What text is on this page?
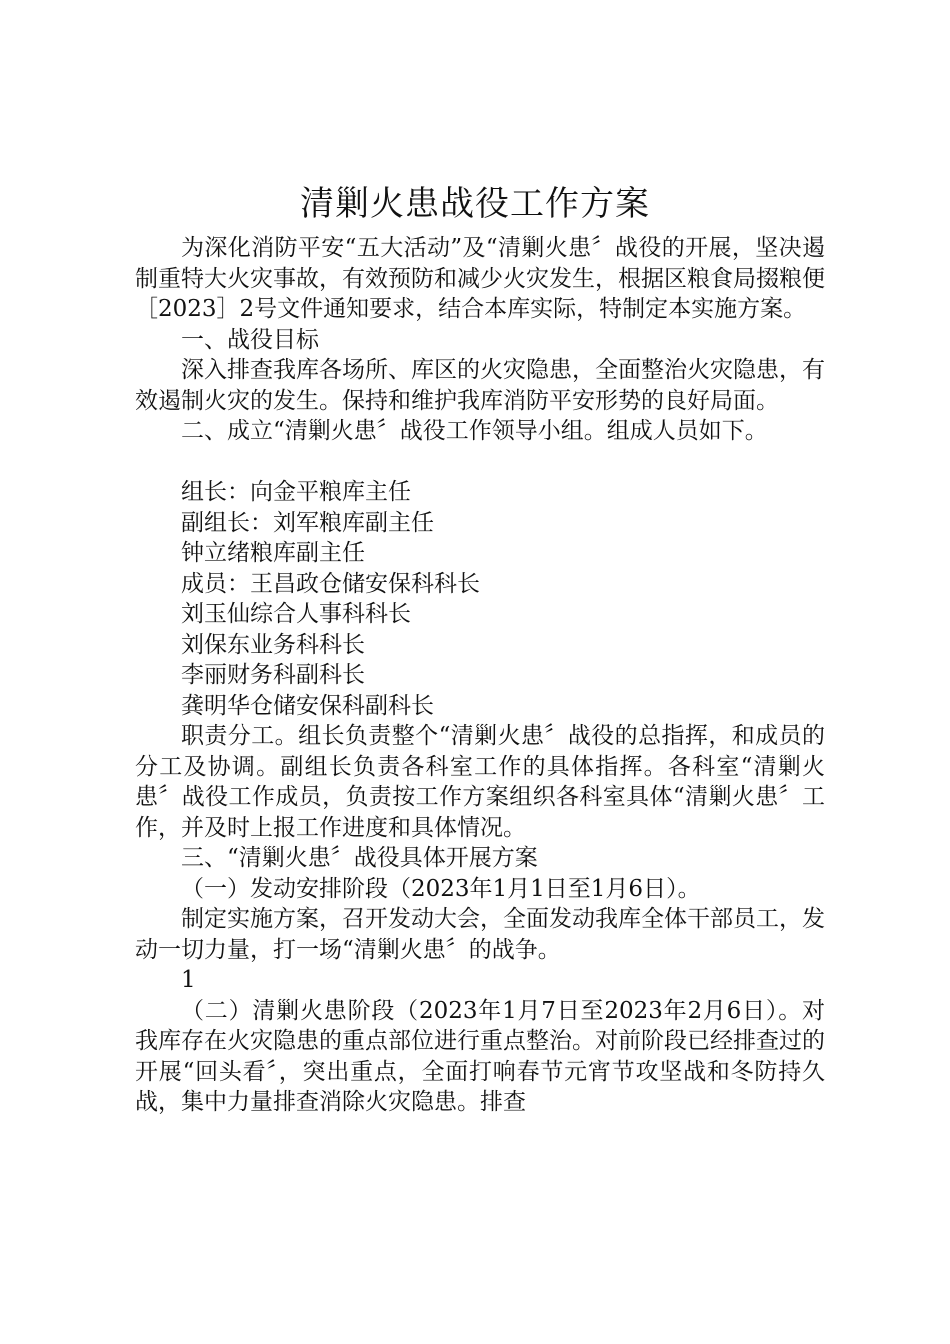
清剿火患战役工作方案

为深化消防平安“五大活动”及“清剿火患〞战役的开展，坚决遏制重特大火灾事故，有效预防和减少火灾发生，根据区粮食局掇粮便［2023］2号文件通知要求，结合本库实际，特制定本实施方案。

一、战役目标

深入排查我库各场所、库区的火灾隐患，全面整治火灾隐患，有效遏制火灾的发生。保持和维护我库消防平安形势的良好局面。

二、成立“清剿火患〞战役工作领导小组。组成人员如下。

组长：向金平粮库主任

副组长：刘军粮库副主任

钟立绪粮库副主任

成员：王昌政仓储安保科科长

刘玉仙综合人事科科长

刘保东业务科科长

李丽财务科副科长

龚明华仓储安保科副科长

职责分工。组长负责整个“清剿火患〞战役的总指挥，和成员的分工及协调。副组长负责各科室工作的具体指挥。各科室“清剿火患〞战役工作成员，负责按工作方案组织各科室具体“清剿火患〞工作，并及时上报工作进度和具体情况。

三、“清剿火患〞战役具体开展方案

（一）发动安排阶段（2023年1月1日至1月6日）。

制定实施方案，召开发动大会，全面发动我库全体干部员工，发动一切力量，打一场“清剿火患〞的战争。

1

（二）清剿火患阶段（2023年1月7日至2023年2月6日）。对我库存在火灾隐患的重点部位进行重点整治。对前阶段已经排查过的开展“回头看〞，突出重点，全面打响春节元宵节攻坚战和冬防持久战，集中力量排查消除火灾隐患。排查
